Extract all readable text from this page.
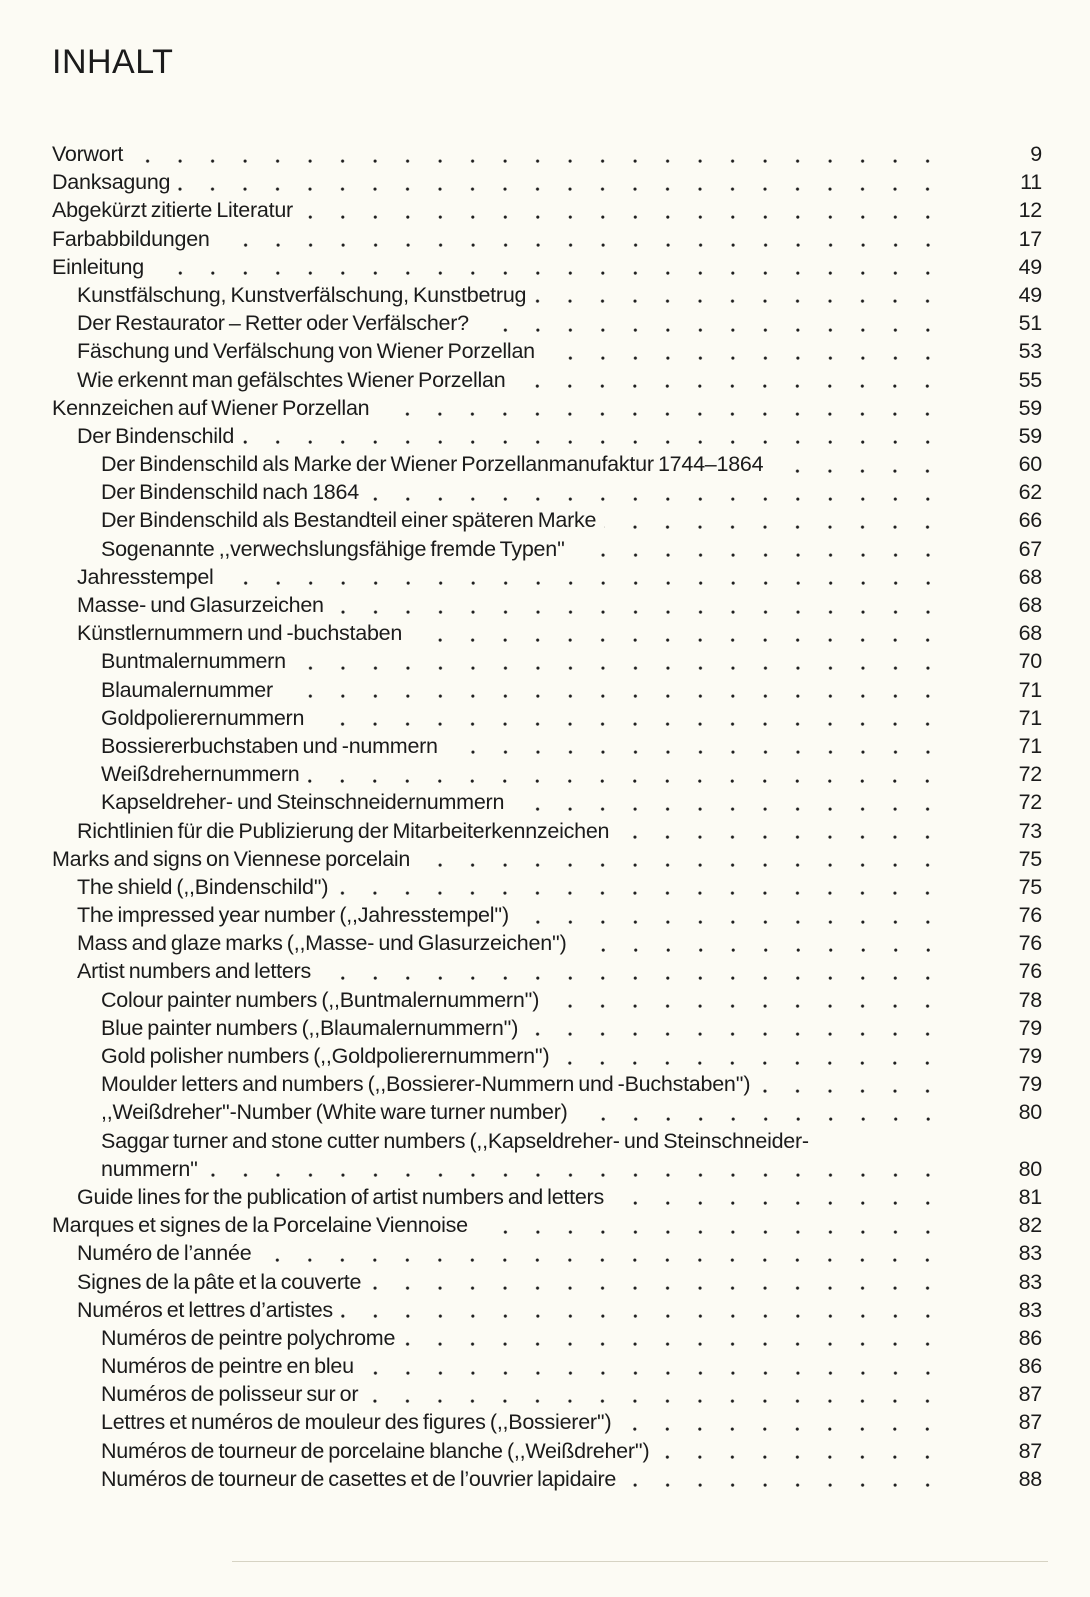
INHALT
Vorwort	9
Danksagung	11
Abgekürzt zitierte Literatur	12
Farbabbildungen	17
Einleitung	49
Kunstfälschung, Kunstverfälschung, Kunstbetrug	49
Der Restaurator – Retter oder Verfälscher?	51
Fäschung und Verfälschung von Wiener Porzellan	53
Wie erkennt man gefälschtes Wiener Porzellan	55
Kennzeichen auf Wiener Porzellan	59
Der Bindenschild	59
Der Bindenschild als Marke der Wiener Porzellanmanufaktur 1744–1864	60
Der Bindenschild nach 1864	62
Der Bindenschild als Bestandteil einer späteren Marke	66
Sogenannte ,,verwechslungsfähige fremde Typen''	67
Jahresstempel	68
Masse- und Glasurzeichen	68
Künstlernummern und -buchstaben	68
Buntmalernummern	70
Blaumalernummer	71
Goldpolierernummern	71
Bossiererbuchstaben und -nummern	71
Weißdrehernummern	72
Kapseldreher- und Steinschneidernummern	72
Richtlinien für die Publizierung der Mitarbeiterkennzeichen	73
Marks and signs on Viennese porcelain	75
The shield (,,Bindenschild'')	75
The impressed year number (,,Jahresstempel'')	76
Mass and glaze marks (,,Masse- und Glasurzeichen'')	76
Artist numbers and letters	76
Colour painter numbers (,,Buntmalernummern'')	78
Blue painter numbers (,,Blaumalernummern'')	79
Gold polisher numbers (,,Goldpolierernummern'')	79
Moulder letters and numbers (,,Bossierer-Nummern und -Buchstaben'')	79
,,Weißdreher''-Number (White ware turner number)	80
Saggar turner and stone cutter numbers (,,Kapseldreher- und Steinschneider-
nummern''	80
Guide lines for the publication of artist numbers and letters	81
Marques et signes de la Porcelaine Viennoise	82
Numéro de l’année	83
Signes de la pâte et la couverte	83
Numéros et lettres d’artistes	83
Numéros de peintre polychrome	86
Numéros de peintre en bleu	86
Numéros de polisseur sur or	87
Lettres et numéros de mouleur des figures (,,Bossierer'')	87
Numéros de tourneur de porcelaine blanche (,,Weißdreher'')	87
Numéros de tourneur de casettes et de l’ouvrier lapidaire	88
